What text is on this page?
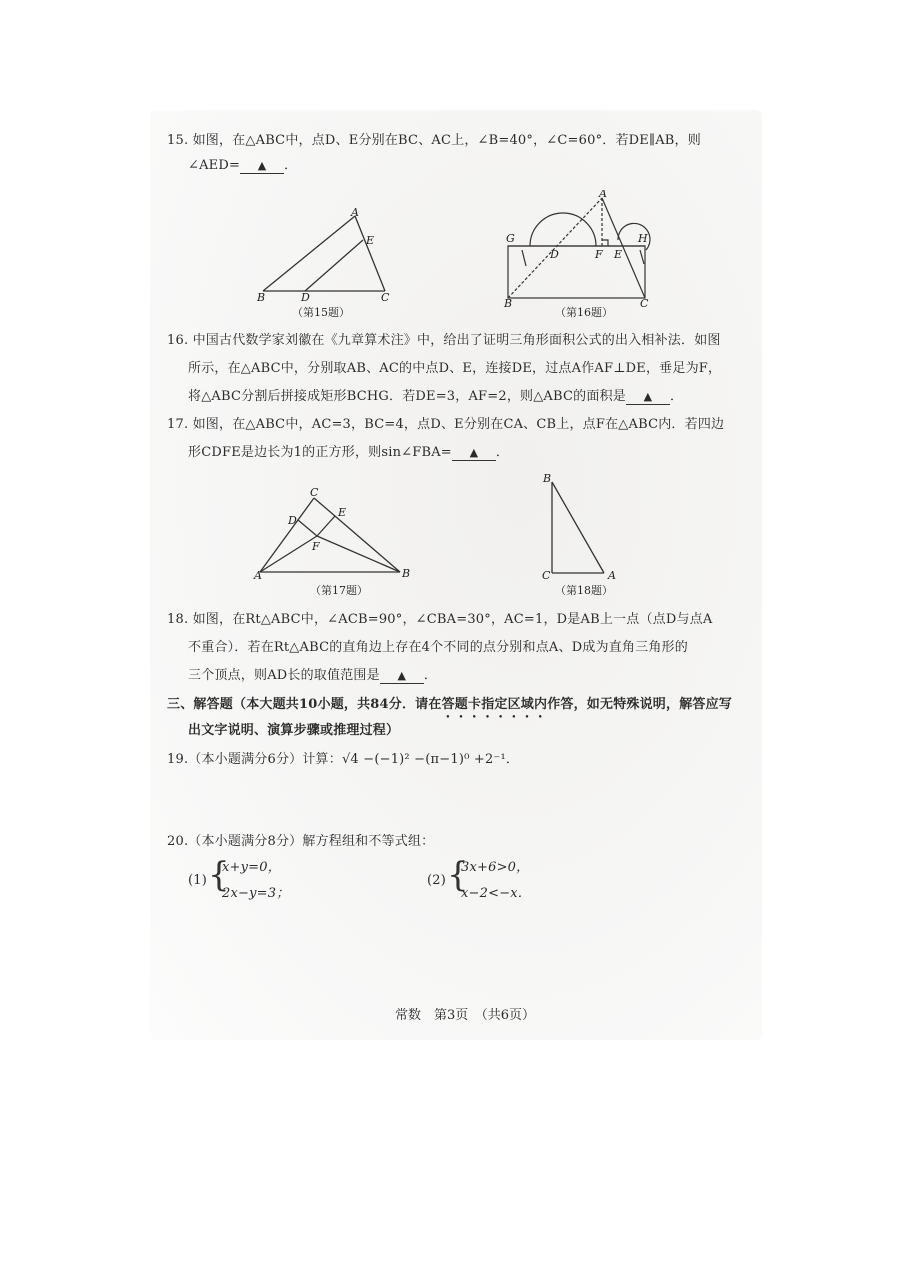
15. 如图，在△ABC中，点D、E分别在BC、AC上，∠B=40°，∠C=60°．若DE∥AB，则
∠AED= ▲ ．
A
E
B	D	C
（第15题）
G
D	F E
H
B	C
A
（第16题）
16. 中国古代数学家刘徽在《九章算术注》中，给出了证明三角形面积公式的出入相补法．如图
所示，在△ABC中，分别取AB、AC的中点D、E，连接DE，过点A作AF⊥DE，垂足为F，
将△ABC分割后拼接成矩形BCHG．若DE=3，AF=2，则△ABC的面积是 ▲ ．
17. 如图，在△ABC中，AC=3，BC=4，点D、E分别在CA、CB上，点F在△ABC内．若四边
形CDFE是边长为1的正方形，则sin∠FBA= ▲ ．
C
D
E
F
A	B
（第17题）
B
C	A
（第18题）
18. 如图，在Rt△ABC中，∠ACB=90°，∠CBA=30°，AC=1，D是AB上一点（点D与点A
不重合）．若在Rt△ABC的直角边上存在4个不同的点分别和点A、D成为直角三角形的
三个顶点，则AD长的取值范围是 ▲ ．
三、解答题（本大题共10小题，共84分．请在答题卡指定区域内作答，如无特殊说明，解答应写
出文字说明、演算步骤或推理过程）
19.（本小题满分6分）计算：√4 −(−1)² −(π−1)⁰ +2⁻¹．
20.（本小题满分8分）解方程组和不等式组：
(1) {
x+y=0，
2x−y=3；
(2) {
3x+6>0，
x−2<−x．
常数　第3页　（共6页）
